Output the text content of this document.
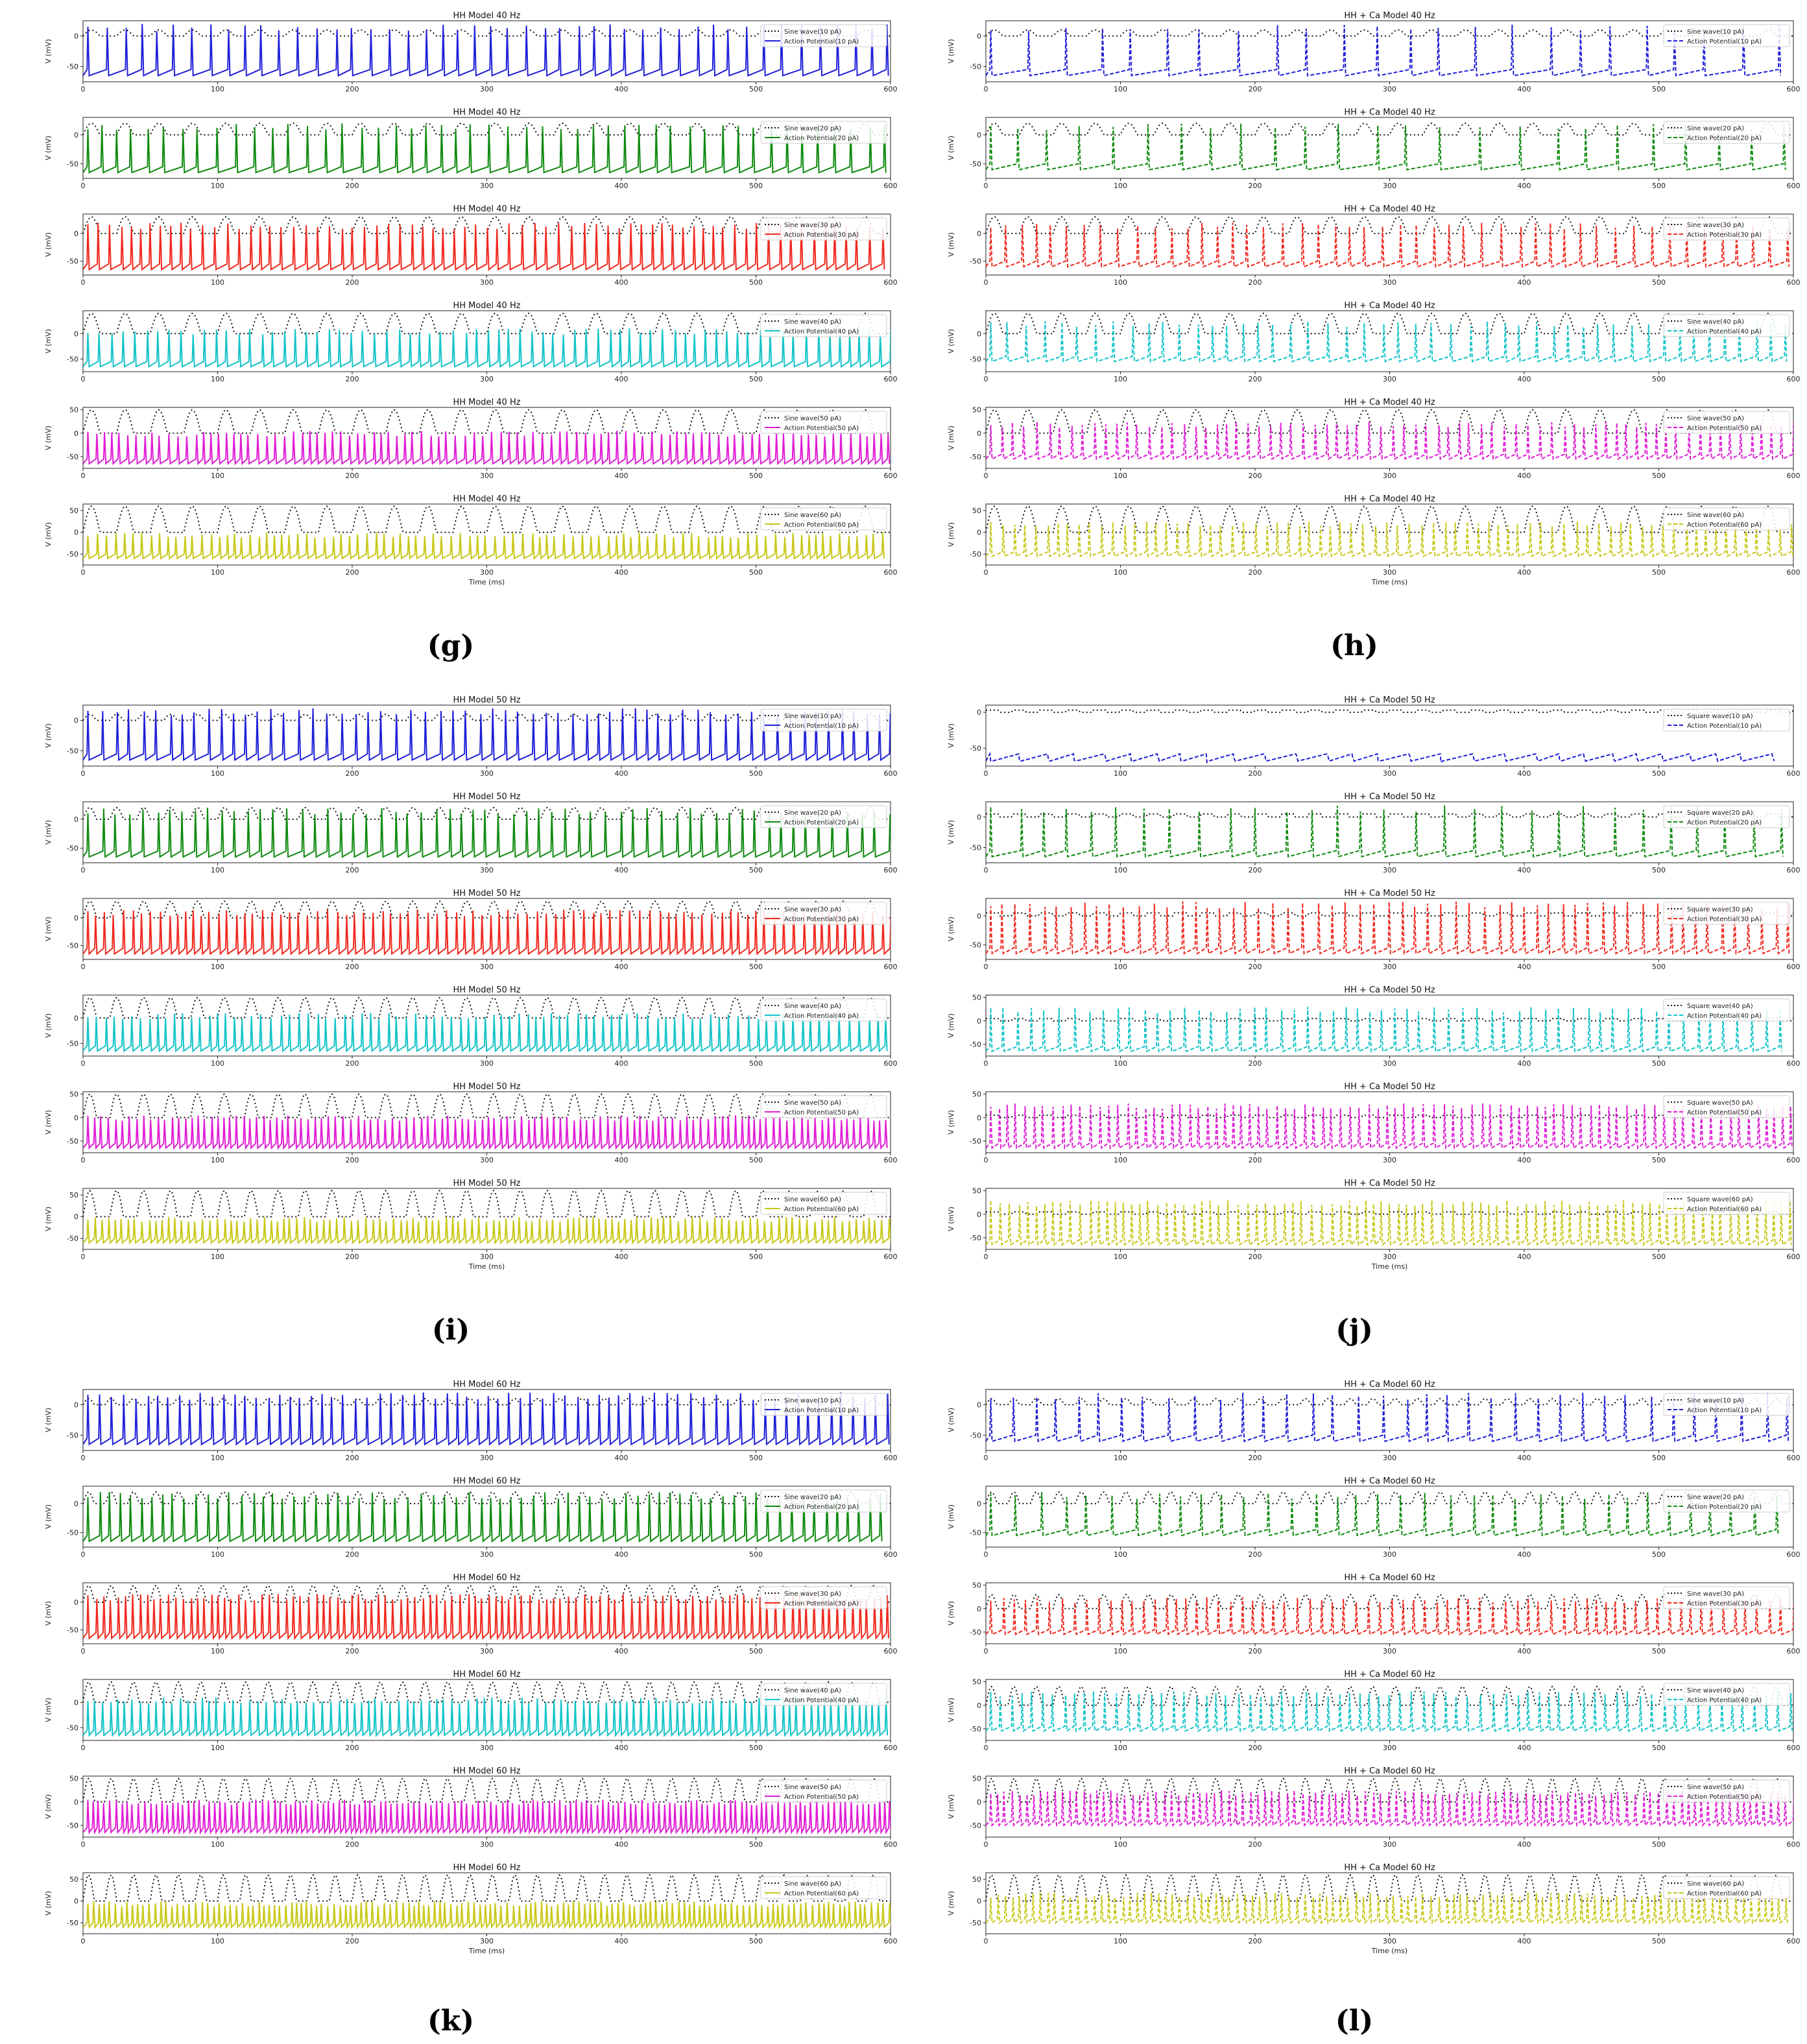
HH Model 40 Hz
0	100	200	300	400	500	600
0
-50
V (mV)
Sine wave(10 pA)
Action Potential(10 pA)
HH Model 40 Hz
0	100	200	300	400	500	600
0
-50
V (mV)
Sine wave(20 pA)
Action Potential(20 pA)
HH Model 40 Hz
0	100	200	300	400	500	600
0
-50
V (mV)
Sine wave(30 pA)
Action Potential(30 pA)
HH Model 40 Hz
0	100	200	300	400	500	600
0
-50
V (mV)
Sine wave(40 pA)
Action Potential(40 pA)
HH Model 40 Hz
0	100	200	300	400	500	600
50
0
-50
V (mV)
Sine wave(50 pA)
Action Potential(50 pA)
HH Model 40 Hz
0	100	200	300	400	500	600
50
0
-50
V (mV)
Sine wave(60 pA)
Action Potential(60 pA)
Time (ms)
HH + Ca Model 40 Hz
0	100	200	300	400	500	600
0
-50
V (mV)
Sine wave(10 pA)
Action Potential(10 pA)
HH + Ca Model 40 Hz
0	100	200	300	400	500	600
0
-50
V (mV)
Sine wave(20 pA)
Action Potential(20 pA)
HH + Ca Model 40 Hz
0	100	200	300	400	500	600
0
-50
V (mV)
Sine wave(30 pA)
Action Potential(30 pA)
HH + Ca Model 40 Hz
0	100	200	300	400	500	600
0
-50
V (mV)
Sine wave(40 pA)
Action Potential(40 pA)
HH + Ca Model 40 Hz
0	100	200	300	400	500	600
50
0
-50
V (mV)
Sine wave(50 pA)
Action Potential(50 pA)
HH + Ca Model 40 Hz
0	100	200	300	400	500	600
50
0
-50
V (mV)
Sine wave(60 pA)
Action Potential(60 pA)
Time (ms)
HH Model 50 Hz
0	100	200	300	400	500	600
0
-50
V (mV)
Sine wave(10 pA)
Action Potential(10 pA)
HH Model 50 Hz
0	100	200	300	400	500	600
0
-50
V (mV)
Sine wave(20 pA)
Action Potential(20 pA)
HH Model 50 Hz
0	100	200	300	400	500	600
0
-50
V (mV)
Sine wave(30 pA)
Action Potential(30 pA)
HH Model 50 Hz
0	100	200	300	400	500	600
0
-50
V (mV)
Sine wave(40 pA)
Action Potential(40 pA)
HH Model 50 Hz
0	100	200	300	400	500	600
50
0
-50
V (mV)
Sine wave(50 pA)
Action Potential(50 pA)
HH Model 50 Hz
0	100	200	300	400	500	600
50
0
-50
V (mV)
Sine wave(60 pA)
Action Potential(60 pA)
Time (ms)
HH + Ca Model 50 Hz
0	100	200	300	400	500	600
0
-50
V (mV)
Square wave(10 pA)
Action Potential(10 pA)
HH + Ca Model 50 Hz
0	100	200	300	400	500	600
0
-50
V (mV)
Square wave(20 pA)
Action Potential(20 pA)
HH + Ca Model 50 Hz
0	100	200	300	400	500	600
0
-50
V (mV)
Square wave(30 pA)
Action Potential(30 pA)
HH + Ca Model 50 Hz
0	100	200	300	400	500	600
50
0
-50
V (mV)
Square wave(40 pA)
Action Potential(40 pA)
HH + Ca Model 50 Hz
0	100	200	300	400	500	600
50
0
-50
V (mV)
Square wave(50 pA)
Action Potential(50 pA)
HH + Ca Model 50 Hz
0	100	200	300	400	500	600
50
0
-50
V (mV)
Square wave(60 pA)
Action Potential(60 pA)
Time (ms)
HH Model 60 Hz
0	100	200	300	400	500	600
0
-50
V (mV)
Sine wave(10 pA)
Action Potential(10 pA)
HH Model 60 Hz
0	100	200	300	400	500	600
0
-50
V (mV)
Sine wave(20 pA)
Action Potential(20 pA)
HH Model 60 Hz
0	100	200	300	400	500	600
0
-50
V (mV)
Sine wave(30 pA)
Action Potential(30 pA)
HH Model 60 Hz
0	100	200	300	400	500	600
0
-50
V (mV)
Sine wave(40 pA)
Action Potential(40 pA)
HH Model 60 Hz
0	100	200	300	400	500	600
50
0
-50
V (mV)
Sine wave(50 pA)
Action Potential(50 pA)
HH Model 60 Hz
0	100	200	300	400	500	600
50
0
-50
V (mV)
Sine wave(60 pA)
Action Potential(60 pA)
Time (ms)
HH + Ca Model 60 Hz
0	100	200	300	400	500	600
0
-50
V (mV)
Sine wave(10 pA)
Action Potential(10 pA)
HH + Ca Model 60 Hz
0	100	200	300	400	500	600
0
-50
V (mV)
Sine wave(20 pA)
Action Potential(20 pA)
HH + Ca Model 60 Hz
0	100	200	300	400	500	600
50
0
-50
V (mV)
Sine wave(30 pA)
Action Potential(30 pA)
HH + Ca Model 60 Hz
0	100	200	300	400	500	600
50
0
-50
V (mV)
Sine wave(40 pA)
Action Potential(40 pA)
HH + Ca Model 60 Hz
0	100	200	300	400	500	600
50
0
-50
V (mV)
Sine wave(50 pA)
Action Potential(50 pA)
HH + Ca Model 60 Hz
0	100	200	300	400	500	600
50
0
-50
V (mV)
Sine wave(60 pA)
Action Potential(60 pA)
Time (ms)
(g)	(h)
(i)	(j)
(k)	(l)
